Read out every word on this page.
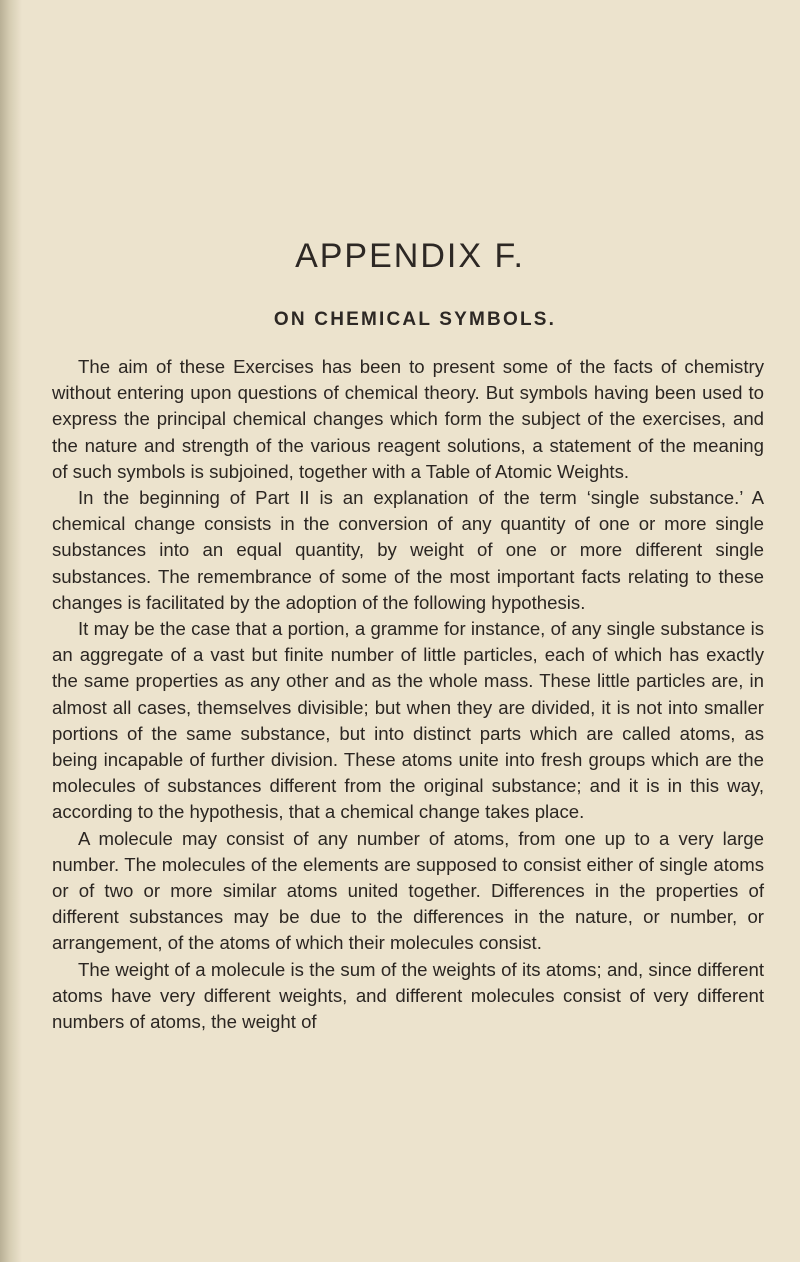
APPENDIX F.
ON CHEMICAL SYMBOLS.

The aim of these Exercises has been to present some of the facts of chemistry without entering upon questions of chemical theory. But symbols having been used to express the principal chemical changes which form the subject of the exercises, and the nature and strength of the various reagent solutions, a statement of the meaning of such symbols is subjoined, together with a Table of Atomic Weights.

In the beginning of Part II is an explanation of the term ‘single substance.’ A chemical change consists in the conversion of any quantity of one or more single substances into an equal quantity, by weight of one or more different single substances. The remembrance of some of the most important facts relating to these changes is facilitated by the adoption of the following hypothesis.

It may be the case that a portion, a gramme for instance, of any single substance is an aggregate of a vast but finite number of little particles, each of which has exactly the same properties as any other and as the whole mass. These little particles are, in almost all cases, themselves divisible; but when they are divided, it is not into smaller portions of the same substance, but into distinct parts which are called atoms, as being incapable of further division. These atoms unite into fresh groups which are the molecules of substances different from the original substance; and it is in this way, according to the hypothesis, that a chemical change takes place.

A molecule may consist of any number of atoms, from one up to a very large number. The molecules of the elements are supposed to consist either of single atoms or of two or more similar atoms united together. Differences in the properties of different substances may be due to the differences in the nature, or number, or arrangement, of the atoms of which their molecules consist.

The weight of a molecule is the sum of the weights of its atoms; and, since different atoms have very different weights, and different molecules consist of very different numbers of atoms, the weight of
